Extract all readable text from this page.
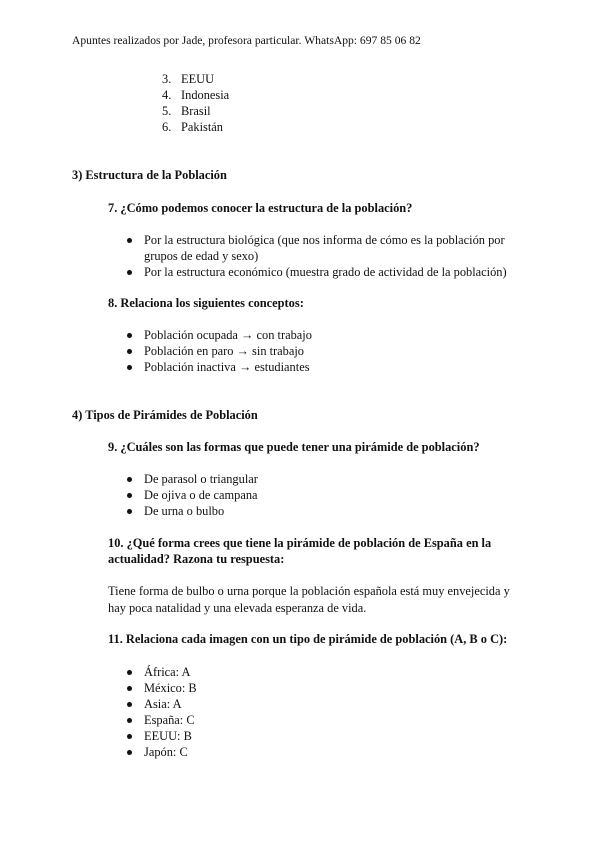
Apuntes realizados por Jade, profesora particular. WhatsApp: 697 85 06 82
3. EEUU
4. Indonesia
5. Brasil
6. Pakistán
3) Estructura de la Población
7. ¿Cómo podemos conocer la estructura de la población?
Por la estructura biológica (que nos informa de cómo es la población por grupos de edad y sexo)
Por la estructura económico (muestra grado de actividad de la población)
8. Relaciona los siguientes conceptos:
Población ocupada → con trabajo
Población en paro → sin trabajo
Población inactiva → estudiantes
4) Tipos de Pirámides de Población
9. ¿Cuáles son las formas que puede tener una pirámide de población?
De parasol o triangular
De ojiva o de campana
De urna o bulbo
10. ¿Qué forma crees que tiene la pirámide de población de España en la actualidad? Razona tu respuesta:
Tiene forma de bulbo o urna porque la población española está muy envejecida y hay poca natalidad y una elevada esperanza de vida.
11. Relaciona cada imagen con un tipo de pirámide de población (A, B o C):
África: A
México: B
Asia: A
España: C
EEUU: B
Japón: C
